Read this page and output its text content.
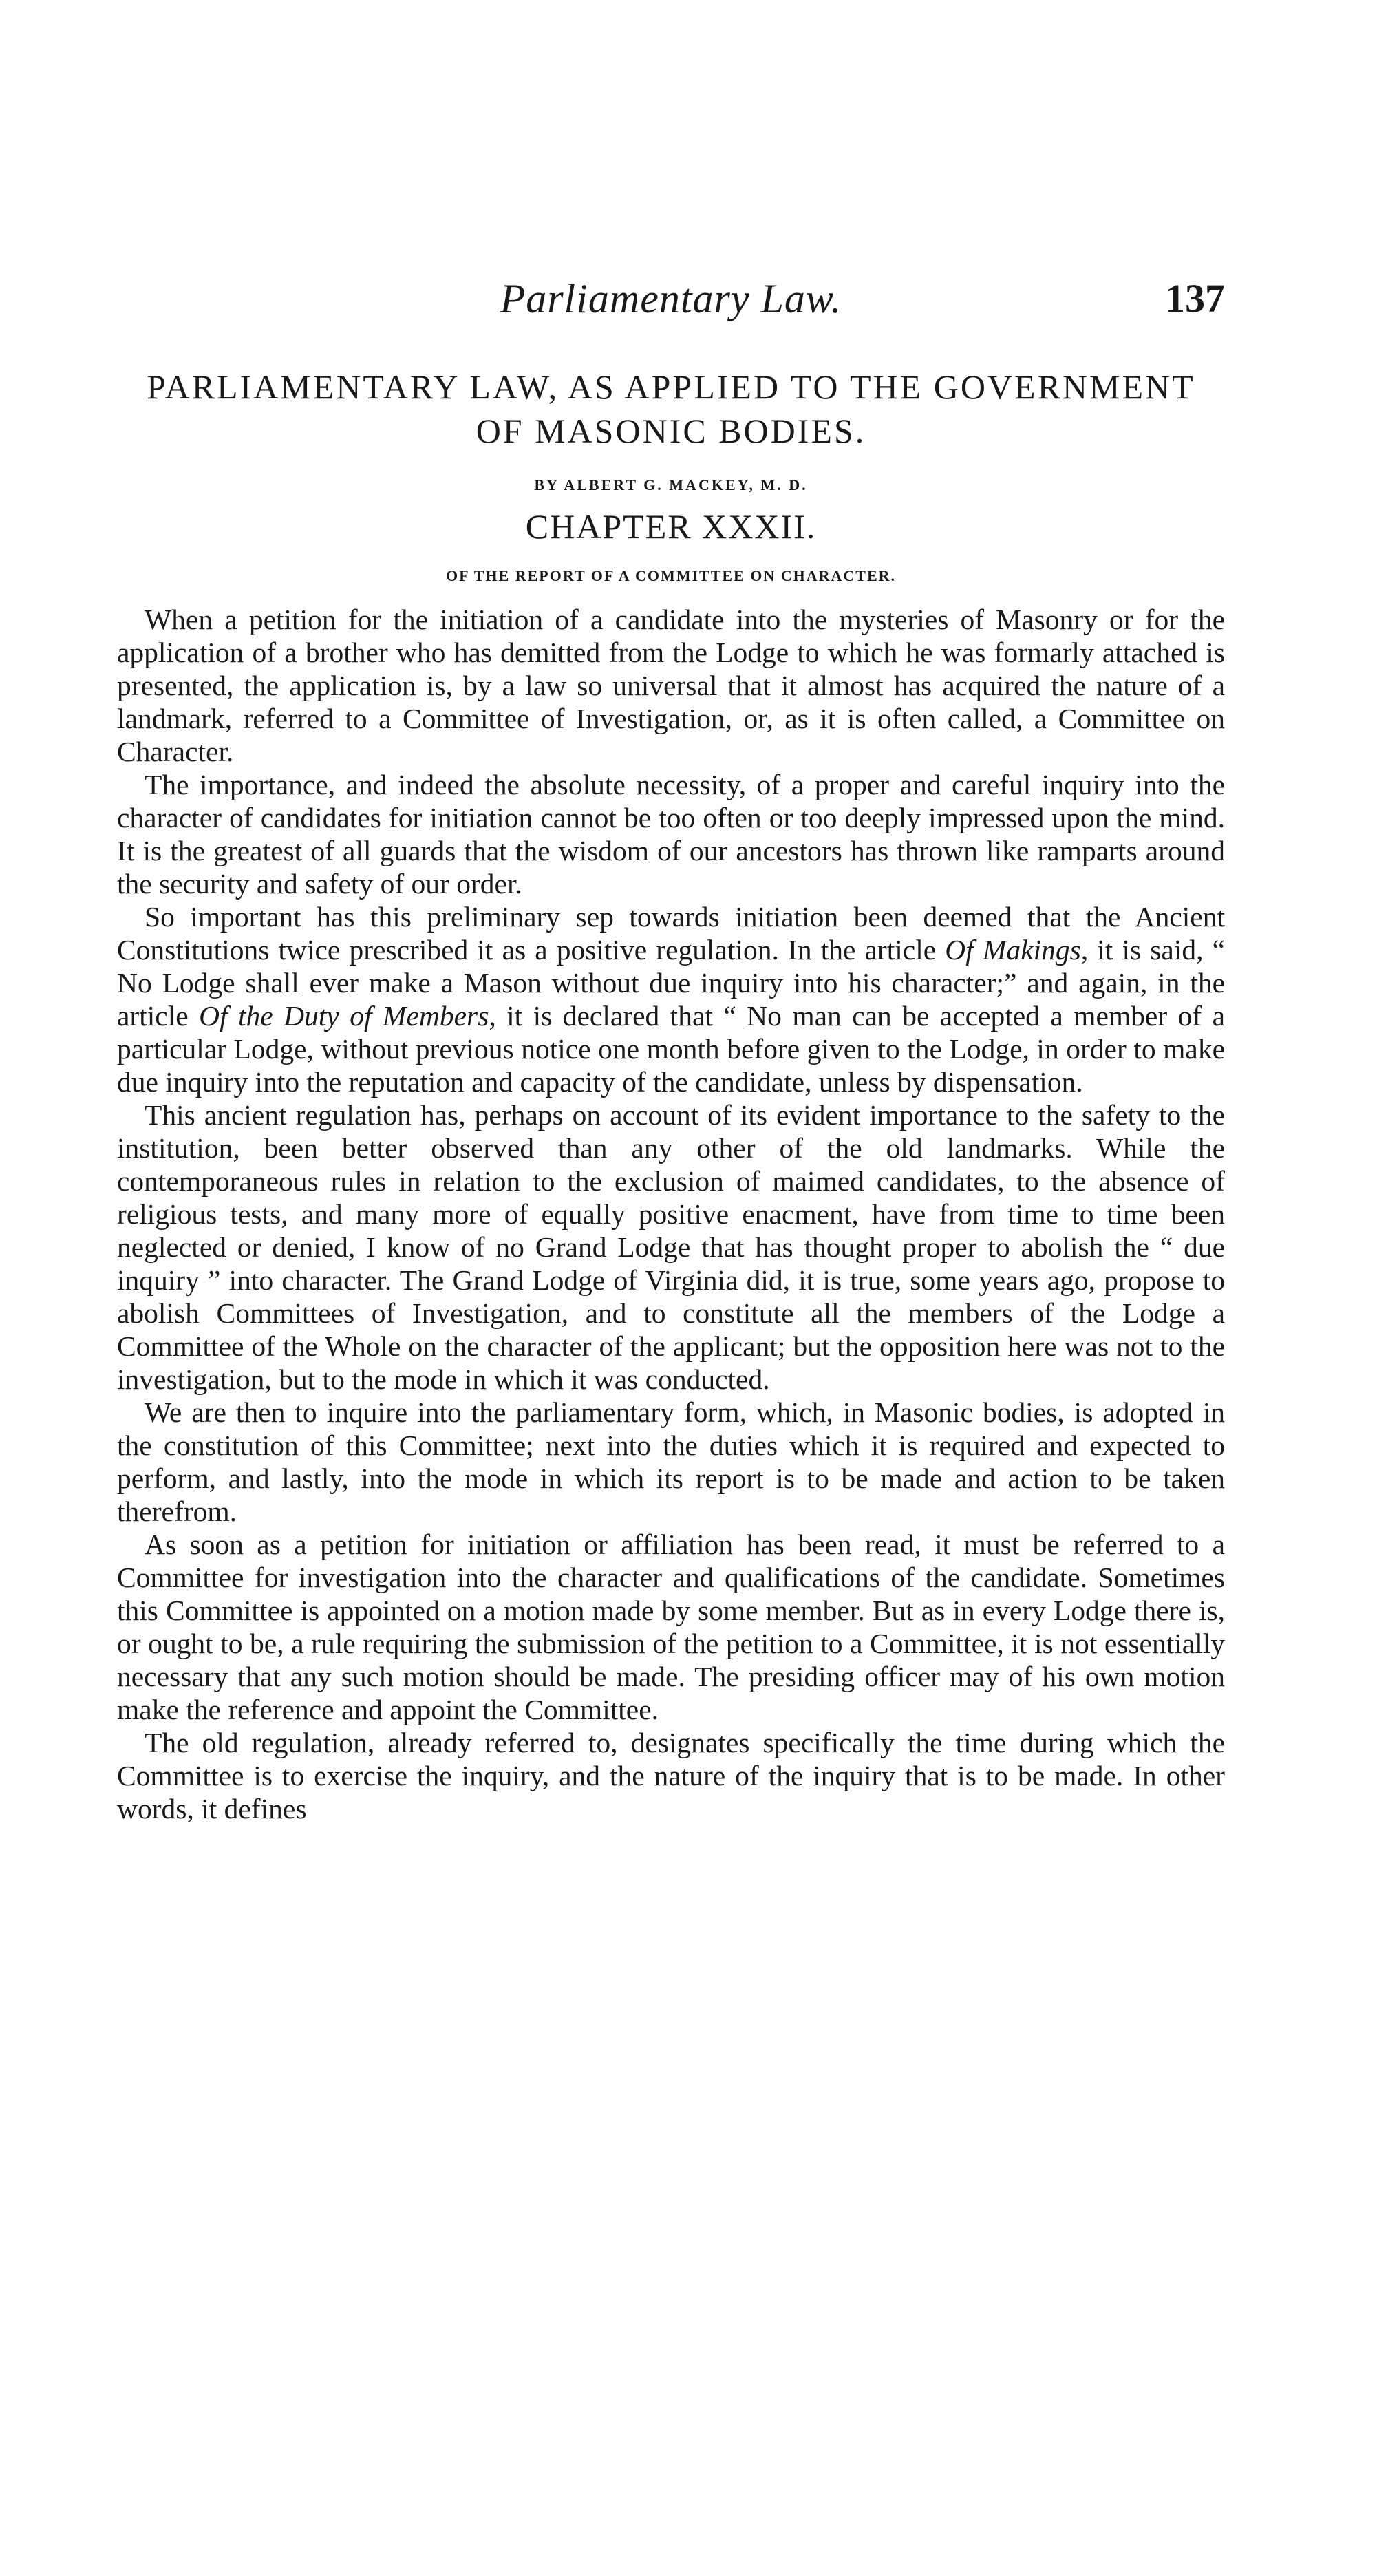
Parliamentary Law.	137
PARLIAMENTARY LAW, AS APPLIED TO THE GOVERNMENT OF MASONIC BODIES.
BY ALBERT G. MACKEY, M. D.
CHAPTER XXXII.
OF THE REPORT OF A COMMITTEE ON CHARACTER.

When a petition for the initiation of a candidate into the mysteries of Masonry or for the application of a brother who has demitted from the Lodge to which he was formarly attached is presented, the application is, by a law so universal that it almost has acquired the nature of a landmark, referred to a Committee of Investigation, or, as it is often called, a Committee on Character.

The importance, and indeed the absolute necessity, of a proper and careful inquiry into the character of candidates for initiation cannot be too often or too deeply impressed upon the mind. It is the greatest of all guards that the wisdom of our ancestors has thrown like ramparts around the security and safety of our order.

So important has this preliminary sep towards initiation been deemed that the Ancient Constitutions twice prescribed it as a positive regulation. In the article Of Makings, it is said, “ No Lodge shall ever make a Mason without due inquiry into his character;” and again, in the article Of the Duty of Members, it is declared that “ No man can be accepted a member of a particular Lodge, without previous notice one month before given to the Lodge, in order to make due inquiry into the reputation and capacity of the candidate, unless by dispensation.

This ancient regulation has, perhaps on account of its evident importance to the safety to the institution, been better observed than any other of the old landmarks. While the contemporaneous rules in relation to the exclusion of maimed candidates, to the absence of religious tests, and many more of equally positive enacment, have from time to time been neglected or denied, I know of no Grand Lodge that has thought proper to abolish the “ due inquiry ” into character. The Grand Lodge of Virginia did, it is true, some years ago, propose to abolish Committees of Investigation, and to constitute all the members of the Lodge a Committee of the Whole on the character of the applicant; but the opposition here was not to the investigation, but to the mode in which it was conducted.

We are then to inquire into the parliamentary form, which, in Masonic bodies, is adopted in the constitution of this Committee; next into the duties which it is required and expected to perform, and lastly, into the mode in which its report is to be made and action to be taken therefrom.

As soon as a petition for initiation or affiliation has been read, it must be referred to a Committee for investigation into the character and qualifications of the candidate. Sometimes this Committee is appointed on a motion made by some member. But as in every Lodge there is, or ought to be, a rule requiring the submission of the petition to a Committee, it is not essentially necessary that any such motion should be made. The presiding officer may of his own motion make the reference and appoint the Committee.

The old regulation, already referred to, designates specifically the time during which the Committee is to exercise the inquiry, and the nature of the inquiry that is to be made. In other words, it defines
